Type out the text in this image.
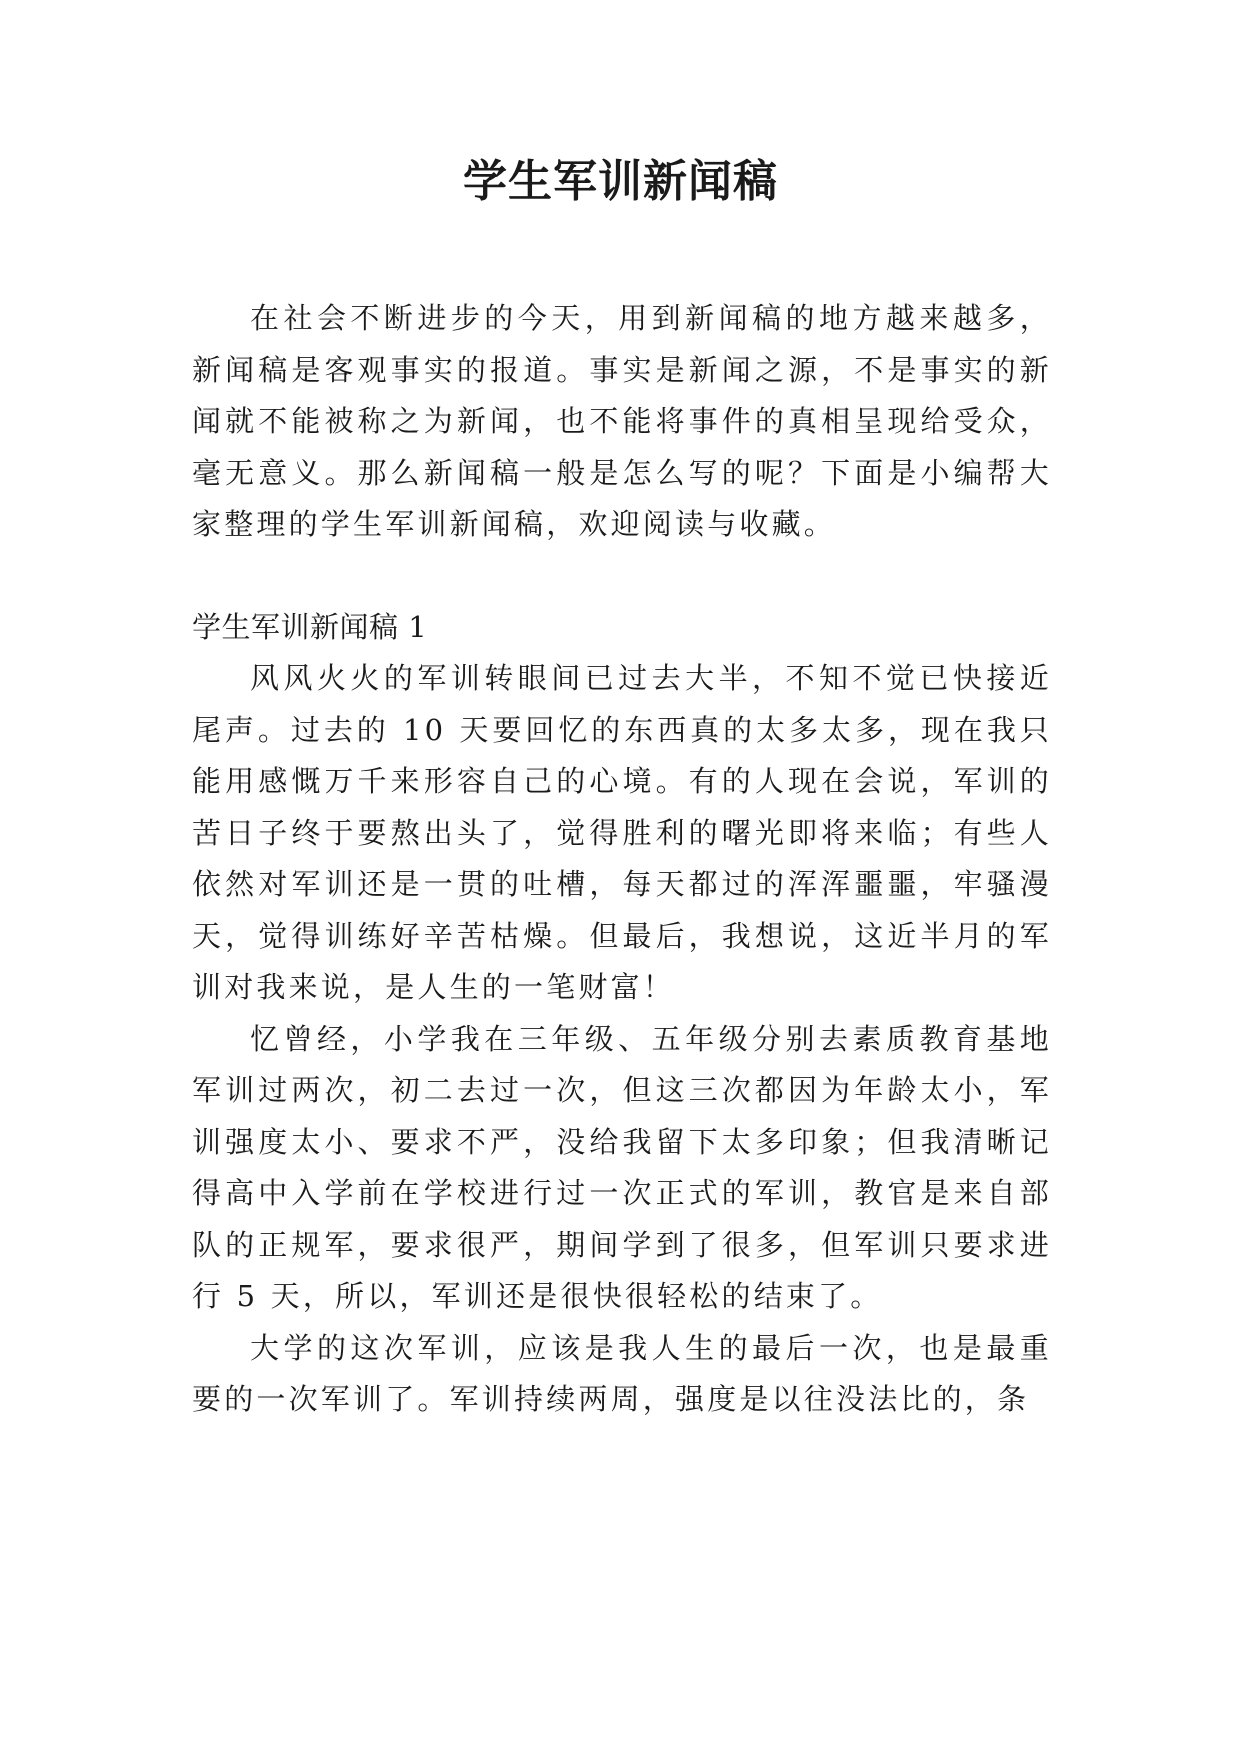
学生军训新闻稿

在社会不断进步的今天，用到新闻稿的地方越来越多，新闻稿是客观事实的报道。事实是新闻之源，不是事实的新闻就不能被称之为新闻，也不能将事件的真相呈现给受众，毫无意义。那么新闻稿一般是怎么写的呢？下面是小编帮大家整理的学生军训新闻稿，欢迎阅读与收藏。

学生军训新闻稿 1

风风火火的军训转眼间已过去大半，不知不觉已快接近尾声。过去的 10 天要回忆的东西真的太多太多，现在我只能用感慨万千来形容自己的心境。有的人现在会说，军训的苦日子终于要熬出头了，觉得胜利的曙光即将来临；有些人依然对军训还是一贯的吐槽，每天都过的浑浑噩噩，牢骚漫天，觉得训练好辛苦枯燥。但最后，我想说，这近半月的军训对我来说，是人生的一笔财富！

忆曾经，小学我在三年级、五年级分别去素质教育基地军训过两次，初二去过一次，但这三次都因为年龄太小，军训强度太小、要求不严，没给我留下太多印象；但我清晰记得高中入学前在学校进行过一次正式的军训，教官是来自部队的正规军，要求很严，期间学到了很多，但军训只要求进行 5 天，所以，军训还是很快很轻松的结束了。

大学的这次军训，应该是我人生的最后一次，也是最重要的一次军训了。军训持续两周，强度是以往没法比的，条
